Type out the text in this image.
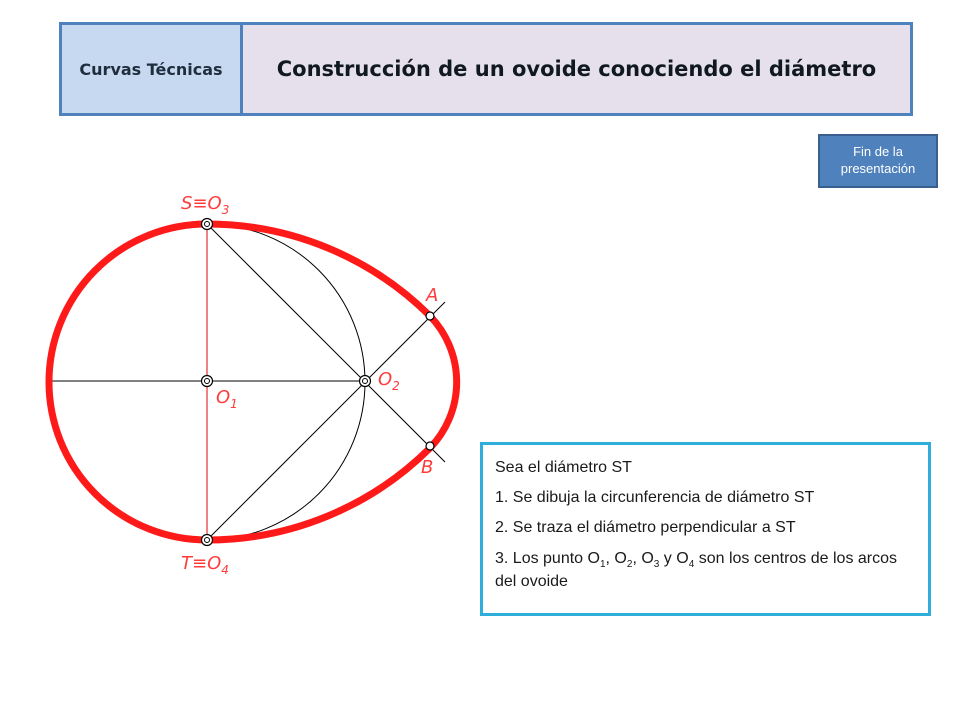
Curvas Técnicas	Construcción de un ovoide conociendo el diámetro
Fin de la presentación
$S\equiv O_3$
$T\equiv O_4$
$O_1$
$O_2$
A
B	Sea el diámetro ST
1. Se dibuja la circunferencia de diámetro ST
2. Se traza el diámetro perpendicular a ST
3. Los punto $O_1$, $O_2$, $O_3$ y $O_4$ son los centros de los arcos del ovoide
